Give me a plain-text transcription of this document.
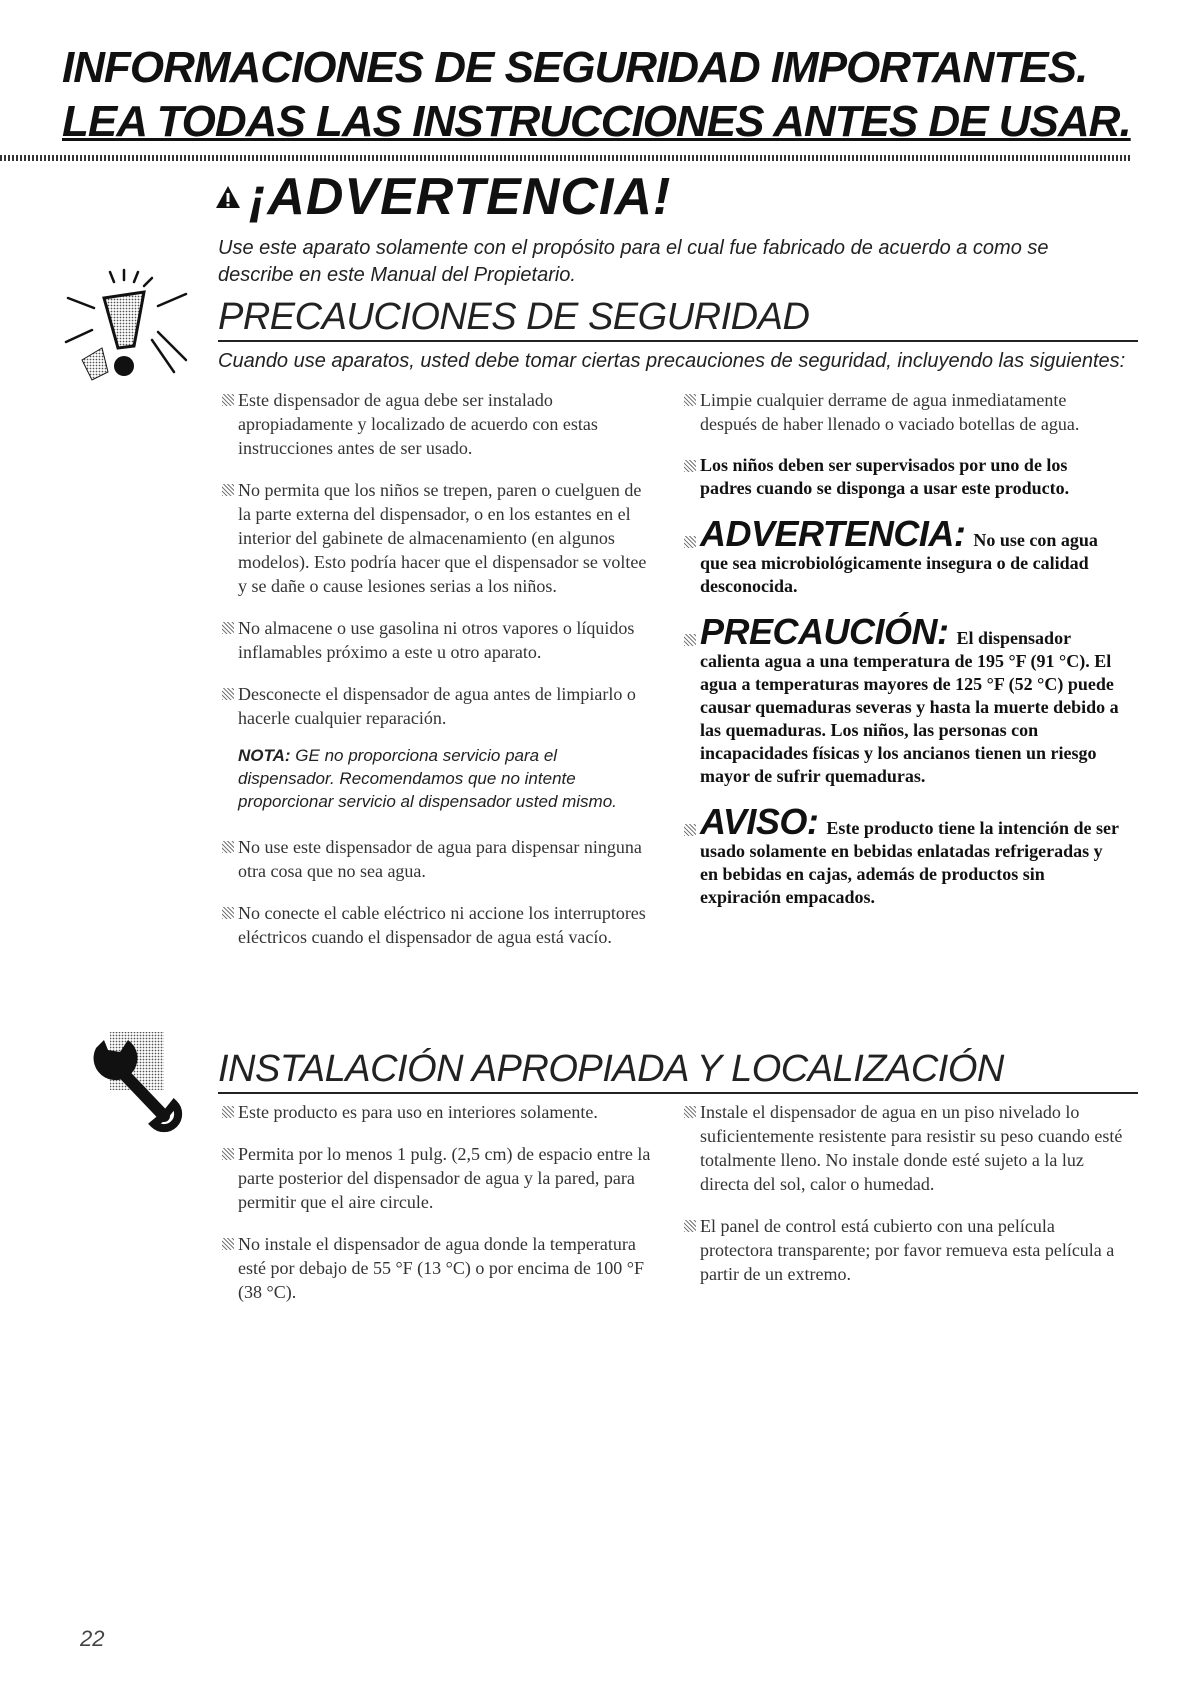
INFORMACIONES DE SEGURIDAD IMPORTANTES.
LEA TODAS LAS INSTRUCCIONES ANTES DE USAR.
¡ADVERTENCIA!
Use este aparato solamente con el propósito para el cual fue fabricado de acuerdo a como se describe en este Manual del Propietario.
PRECAUCIONES DE SEGURIDAD
Cuando use aparatos, usted debe tomar ciertas precauciones de seguridad, incluyendo las siguientes:
Este dispensador de agua debe ser instalado apropiadamente y localizado de acuerdo con estas instrucciones antes de ser usado.
No permita que los niños se trepen, paren o cuelguen de la parte externa del dispensador, o en los estantes en el interior del gabinete de almacenamiento (en algunos modelos). Esto podría hacer que el dispensador se voltee y se dañe o cause lesiones serias a los niños.
No almacene o use gasolina ni otros vapores o líquidos inflamables próximo a este u otro aparato.
Desconecte el dispensador de agua antes de limpiarlo o hacerle cualquier reparación.
NOTA: GE no proporciona servicio para el dispensador. Recomendamos que no intente proporcionar servicio al dispensador usted mismo.
No use este dispensador de agua para dispensar ninguna otra cosa que no sea agua.
No conecte el cable eléctrico ni accione los interruptores eléctricos cuando el dispensador de agua está vacío.
Limpie cualquier derrame de agua inmediatamente después de haber llenado o vaciado botellas de agua.
Los niños deben ser supervisados por uno de los padres cuando se disponga a usar este producto.
ADVERTENCIA: No use con agua que sea microbiológicamente insegura o de calidad desconocida.
PRECAUCIÓN: El dispensador calienta agua a una temperatura de 195 °F (91 °C). El agua a temperaturas mayores de 125 °F (52 °C) puede causar quemaduras severas y hasta la muerte debido a las quemaduras. Los niños, las personas con incapacidades físicas y los ancianos tienen un riesgo mayor de sufrir quemaduras.
AVISO: Este producto tiene la intención de ser usado solamente en bebidas enlatadas refrigeradas y en bebidas en cajas, además de productos sin expiración empacados.
INSTALACIÓN APROPIADA Y LOCALIZACIÓN
Este producto es para uso en interiores solamente.
Permita por lo menos 1 pulg. (2,5 cm) de espacio entre la parte posterior del dispensador de agua y la pared, para permitir que el aire circule.
No instale el dispensador de agua donde la temperatura esté por debajo de 55 °F (13 °C) o por encima de 100 °F (38 °C).
Instale el dispensador de agua en un piso nivelado lo suficientemente resistente para resistir su peso cuando esté totalmente lleno. No instale donde esté sujeto a la luz directa del sol, calor o humedad.
El panel de control está cubierto con una película protectora transparente; por favor remueva esta película a partir de un extremo.
22
